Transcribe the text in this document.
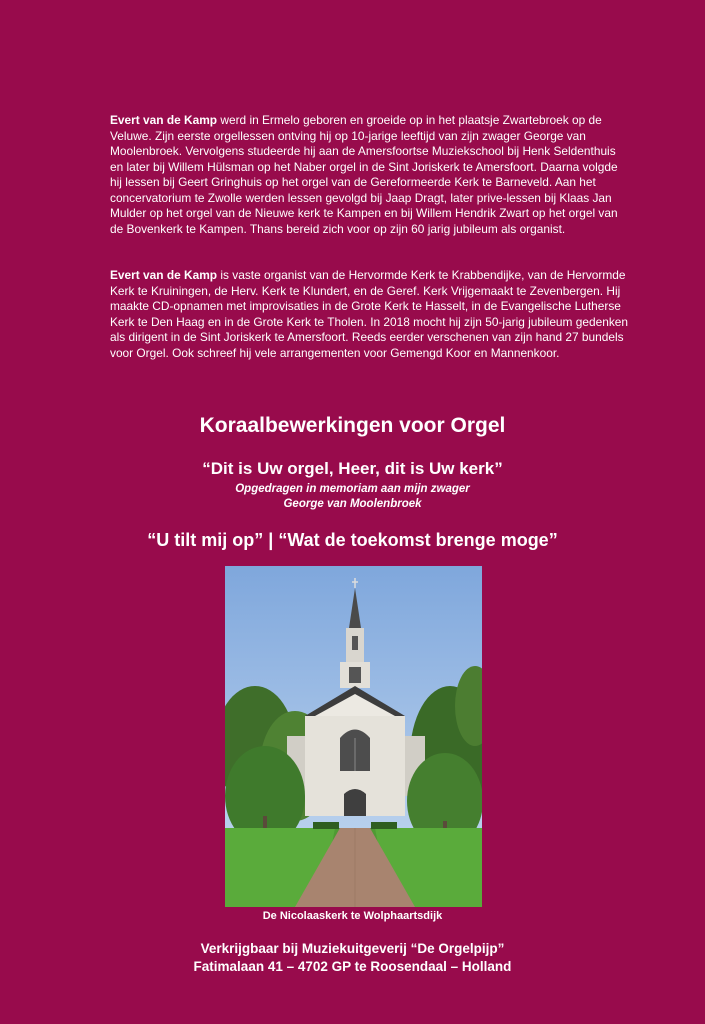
Evert van de Kamp werd in Ermelo geboren en groeide op in het plaatsje Zwartebroek op de Veluwe. Zijn eerste orgellessen ontving hij op 10-jarige leeftijd van zijn zwager George van Moolenbroek. Vervolgens studeerde hij aan de Amersfoortse Muziekschool bij Henk Seldenthuis en later bij Willem Hülsman op het Naber orgel in de Sint Joriskerk te Amersfoort. Daarna volgde hij lessen bij Geert Gringhuis op het orgel van de Gereformeerde Kerk te Barneveld. Aan het concervatorium te Zwolle werden lessen gevolgd bij Jaap Dragt, later prive-lessen bij Klaas Jan Mulder op het orgel van de Nieuwe kerk te Kampen en bij Willem Hendrik Zwart op het orgel van de Bovenkerk te Kampen. Thans bereid zich voor op zijn 60 jarig jubileum als organist.

Evert van de Kamp is vaste organist van de Hervormde Kerk te Krabbendijke, van de Hervormde Kerk te Kruiningen, de Herv. Kerk te Klundert, en de Geref. Kerk Vrijgemaakt te Zevenbergen. Hij maakte CD-opnamen met improvisaties in de Grote Kerk te Hasselt, in de Evangelische Lutherse Kerk te Den Haag en in de Grote Kerk te Tholen. In 2018 mocht hij zijn 50-jarig jubileum gedenken als dirigent in de Sint Joriskerk te Amersfoort. Reeds eerder verschenen van zijn hand 27 bundels voor Orgel. Ook schreef hij vele arrangementen voor Gemengd Koor en Mannenkoor.

Koraalbewerkingen voor Orgel
“Dit is Uw orgel, Heer, dit is Uw kerk”
Opgedragen in memoriam aan mijn zwager
George van Moolenbroek
“U tilt mij op” | “Wat de toekomst brenge moge”
De Nicolaaskerk te Wolphaartsdijk
Verkrijgbaar bij Muziekuitgeverij “De Orgelpijp”
Fatimalaan 41 – 4702 GP te Roosendaal – Holland
